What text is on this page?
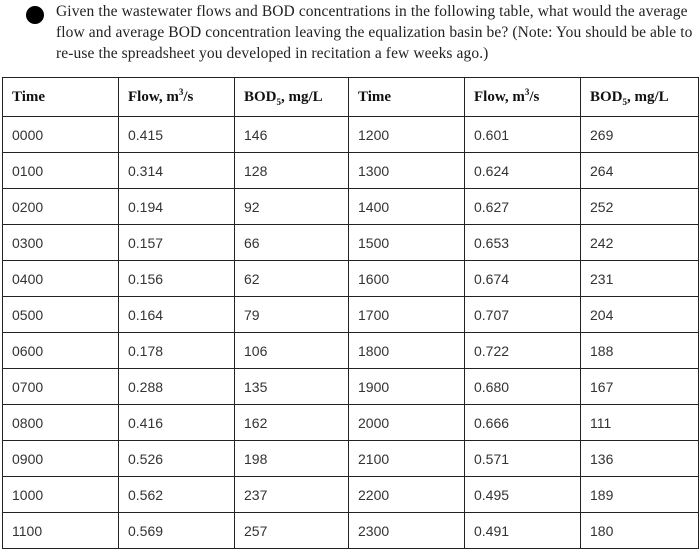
Given the wastewater flows and BOD concentrations in the following table, what would the average flow and average BOD concentration leaving the equalization basin be? (Note: You should be able to re-use the spreadsheet you developed in recitation a few weeks ago.)
Time	Flow, $m^3/s$	$BOD_5$, mg/L	Time	Flow, $m^3/s$	$BOD_5$, mg/L
0000	0.415	146	1200	0.601	269
0100	0.314	128	1300	0.624	264
0200	0.194	92	1400	0.627	252
0300	0.157	66	1500	0.653	242
0400	0.156	62	1600	0.674	231
0500	0.164	79	1700	0.707	204
0600	0.178	106	1800	0.722	188
0700	0.288	135	1900	0.680	167
0800	0.416	162	2000	0.666	111
0900	0.526	198	2100	0.571	136
1000	0.562	237	2200	0.495	189
1100	0.569	257	2300	0.491	180
